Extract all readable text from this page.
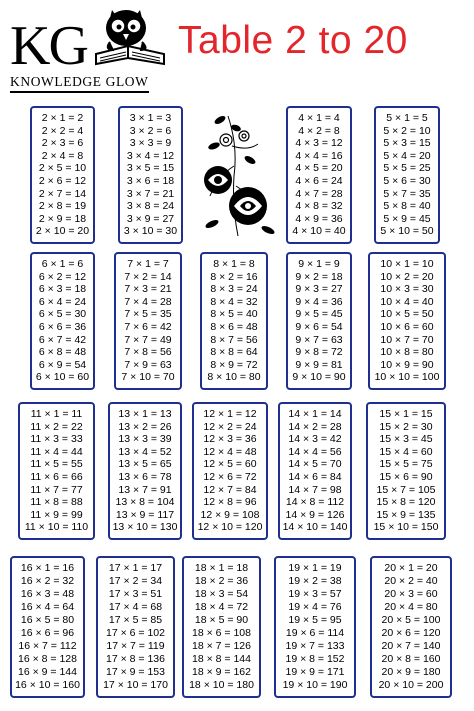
KG
KNOWLEDGE GLOW
Table 2 to 20
2 × 1 = 2
2 × 2 = 4
2 × 3 = 6
2 × 4 = 8
2 × 5 = 10
2 × 6 = 12
2 × 7 = 14
2 × 8 = 19
2 × 9 = 18
2 × 10 = 20
3 × 1 = 3
3 × 2 = 6
3 × 3 = 9
3 × 4 = 12
3 × 5 = 15
3 × 6 = 18
3 × 7 = 21
3 × 8 = 24
3 × 9 = 27
3 × 10 = 30
4 × 1 = 4
4 × 2 = 8
4 × 3 = 12
4 × 4 = 16
4 × 5 = 20
4 × 6 = 24
4 × 7 = 28
4 × 8 = 32
4 × 9 = 36
4 × 10 = 40
5 × 1 = 5
5 × 2 = 10
5 × 3 = 15
5 × 4 = 20
5 × 5 = 25
5 × 6 = 30
5 × 7 = 35
5 × 8 = 40
5 × 9 = 45
5 × 10 = 50
6 × 1 = 6
6 × 2 = 12
6 × 3 = 18
6 × 4 = 24
6 × 5 = 30
6 × 6 = 36
6 × 7 = 42
6 × 8 = 48
6 × 9 = 54
6 × 10 = 60
7 × 1 = 7
7 × 2 = 14
7 × 3 = 21
7 × 4 = 28
7 × 5 = 35
7 × 6 = 42
7 × 7 = 49
7 × 8 = 56
7 × 9 = 63
7 × 10 = 70
8 × 1 = 8
8 × 2 = 16
8 × 3 = 24
8 × 4 = 32
8 × 5 = 40
8 × 6 = 48
8 × 7 = 56
8 × 8 = 64
8 × 9 = 72
8 × 10 = 80
9 × 1 = 9
9 × 2 = 18
9 × 3 = 27
9 × 4 = 36
9 × 5 = 45
9 × 6 = 54
9 × 7 = 63
9 × 8 = 72
9 × 9 = 81
9 × 10 = 90
10 × 1 = 10
10 × 2 = 20
10 × 3 = 30
10 × 4 = 40
10 × 5 = 50
10 × 6 = 60
10 × 7 = 70
10 × 8 = 80
10 × 9 = 90
10 × 10 = 100
11 × 1 = 11
11 × 2 = 22
11 × 3 = 33
11 × 4 = 44
11 × 5 = 55
11 × 6 = 66
11 × 7 = 77
11 × 8 = 88
11 × 9 = 99
11 × 10 = 110
13 × 1 = 13
13 × 2 = 26
13 × 3 = 39
13 × 4 = 52
13 × 5 = 65
13 × 6 = 78
13 × 7 = 91
13 × 8 = 104
13 × 9 = 117
13 × 10 = 130
12 × 1 = 12
12 × 2 = 24
12 × 3 = 36
12 × 4 = 48
12 × 5 = 60
12 × 6 = 72
12 × 7 = 84
12 × 8 = 96
12 × 9 = 108
12 × 10 = 120
14 × 1 = 14
14 × 2 = 28
14 × 3 = 42
14 × 4 = 56
14 × 5 = 70
14 × 6 = 84
14 × 7 = 98
14 × 8 = 112
14 × 9 = 126
14 × 10 = 140
15 × 1 = 15
15 × 2 = 30
15 × 3 = 45
15 × 4 = 60
15 × 5 = 75
15 × 6 = 90
15 × 7 = 105
15 × 8 = 120
15 × 9 = 135
15 × 10 = 150
16 × 1 = 16
16 × 2 = 32
16 × 3 = 48
16 × 4 = 64
16 × 5 = 80
16 × 6 = 96
16 × 7 = 112
16 × 8 = 128
16 × 9 = 144
16 × 10 = 160
17 × 1 = 17
17 × 2 = 34
17 × 3 = 51
17 × 4 = 68
17 × 5 = 85
17 × 6 = 102
17 × 7 = 119
17 × 8 = 136
17 × 9 = 153
17 × 10 = 170
18 × 1 = 18
18 × 2 = 36
18 × 3 = 54
18 × 4 = 72
18 × 5 = 90
18 × 6 = 108
18 × 7 = 126
18 × 8 = 144
18 × 9 = 162
18 × 10 = 180
19 × 1 = 19
19 × 2 = 38
19 × 3 = 57
19 × 4 = 76
19 × 5 = 95
19 × 6 = 114
19 × 7 = 133
19 × 8 = 152
19 × 9 = 171
19 × 10 = 190
20 × 1 = 20
20 × 2 = 40
20 × 3 = 60
20 × 4 = 80
20 × 5 = 100
20 × 6 = 120
20 × 7 = 140
20 × 8 = 160
20 × 9 = 180
20 × 10 = 200
